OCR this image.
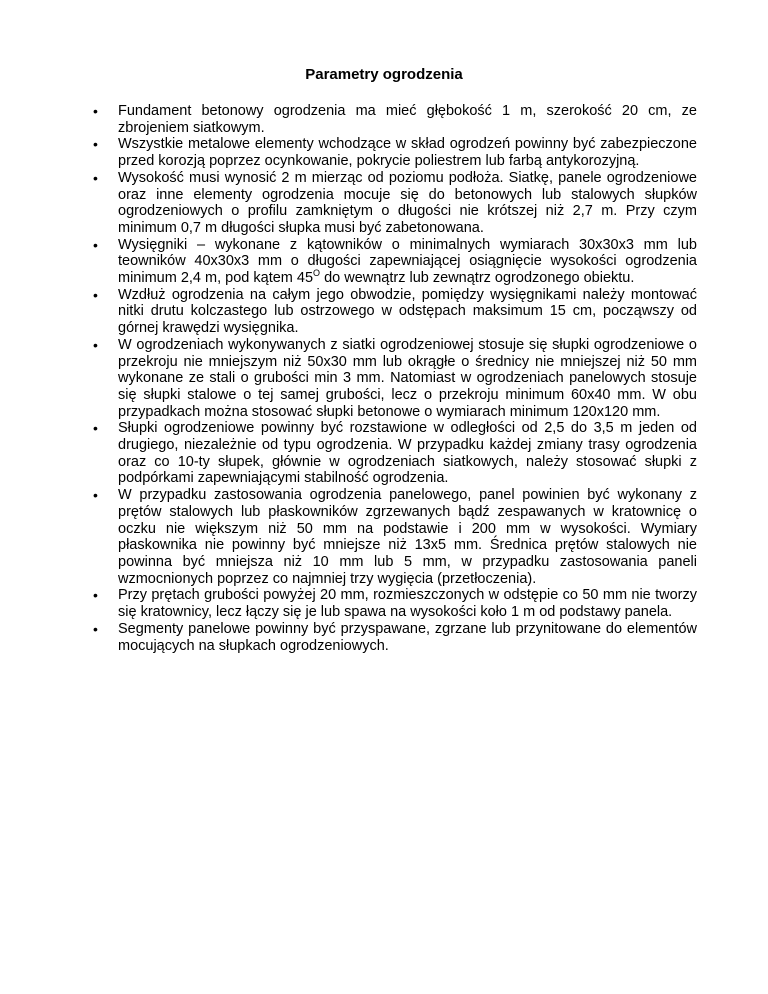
Parametry ogrodzenia
•	Fundament betonowy ogrodzenia ma mieć głębokość 1 m, szerokość 20 cm, ze zbrojeniem siatkowym.
•	Wszystkie metalowe elementy wchodzące w skład ogrodzeń powinny być zabezpieczone przed korozją poprzez ocynkowanie, pokrycie poliestrem lub farbą antykorozyjną.
•	Wysokość musi wynosić 2 m mierząc od poziomu podłoża. Siatkę, panele ogrodzeniowe oraz inne elementy ogrodzenia mocuje się do betonowych lub stalowych słupków ogrodzeniowych o profilu zamkniętym o długości nie krótszej niż 2,7 m. Przy czym minimum 0,7 m długości słupka musi być zabetonowana.
•	Wysięgniki – wykonane z kątowników o minimalnych wymiarach 30x30x3 mm lub teowników 40x30x3 mm o długości zapewniającej osiągnięcie wysokości ogrodzenia minimum 2,4 m, pod kątem $45^O$ do wewnątrz lub zewnątrz ogrodzonego obiektu.
•	Wzdłuż ogrodzenia na całym jego obwodzie, pomiędzy wysięgnikami należy montować nitki drutu kolczastego lub ostrzowego w odstępach maksimum 15 cm, począwszy od górnej krawędzi wysięgnika.
•	W ogrodzeniach wykonywanych z siatki ogrodzeniowej stosuje się słupki ogrodzeniowe o przekroju nie mniejszym niż 50x30 mm lub okrągłe o średnicy nie mniejszej niż 50 mm wykonane ze stali o grubości min 3 mm. Natomiast w ogrodzeniach panelowych stosuje się słupki stalowe o tej samej grubości, lecz o przekroju minimum 60x40 mm. W obu przypadkach można stosować słupki betonowe o wymiarach minimum 120x120 mm.
•	Słupki ogrodzeniowe powinny być rozstawione w odległości od 2,5 do 3,5 m jeden od drugiego, niezależnie od typu ogrodzenia. W przypadku każdej zmiany trasy ogrodzenia oraz co 10-ty słupek, głównie w ogrodzeniach siatkowych, należy stosować słupki z podpórkami zapewniającymi stabilność ogrodzenia.
•	W przypadku zastosowania ogrodzenia panelowego, panel powinien być wykonany z prętów stalowych lub płaskowników zgrzewanych bądź zespawanych w kratownicę o oczku nie większym niż 50 mm na podstawie i 200 mm w wysokości. Wymiary płaskownika nie powinny być mniejsze niż 13x5 mm. Średnica prętów stalowych nie powinna być mniejsza niż 10 mm lub 5 mm, w przypadku zastosowania paneli wzmocnionych poprzez co najmniej trzy wygięcia (przetłoczenia).
•	Przy prętach grubości powyżej 20 mm, rozmieszczonych w odstępie co 50 mm nie tworzy się kratownicy, lecz łączy się je lub spawa na wysokości koło 1 m od podstawy panela.
•	Segmenty panelowe powinny być przyspawane, zgrzane lub przynitowane do elementów mocujących na słupkach ogrodzeniowych.
